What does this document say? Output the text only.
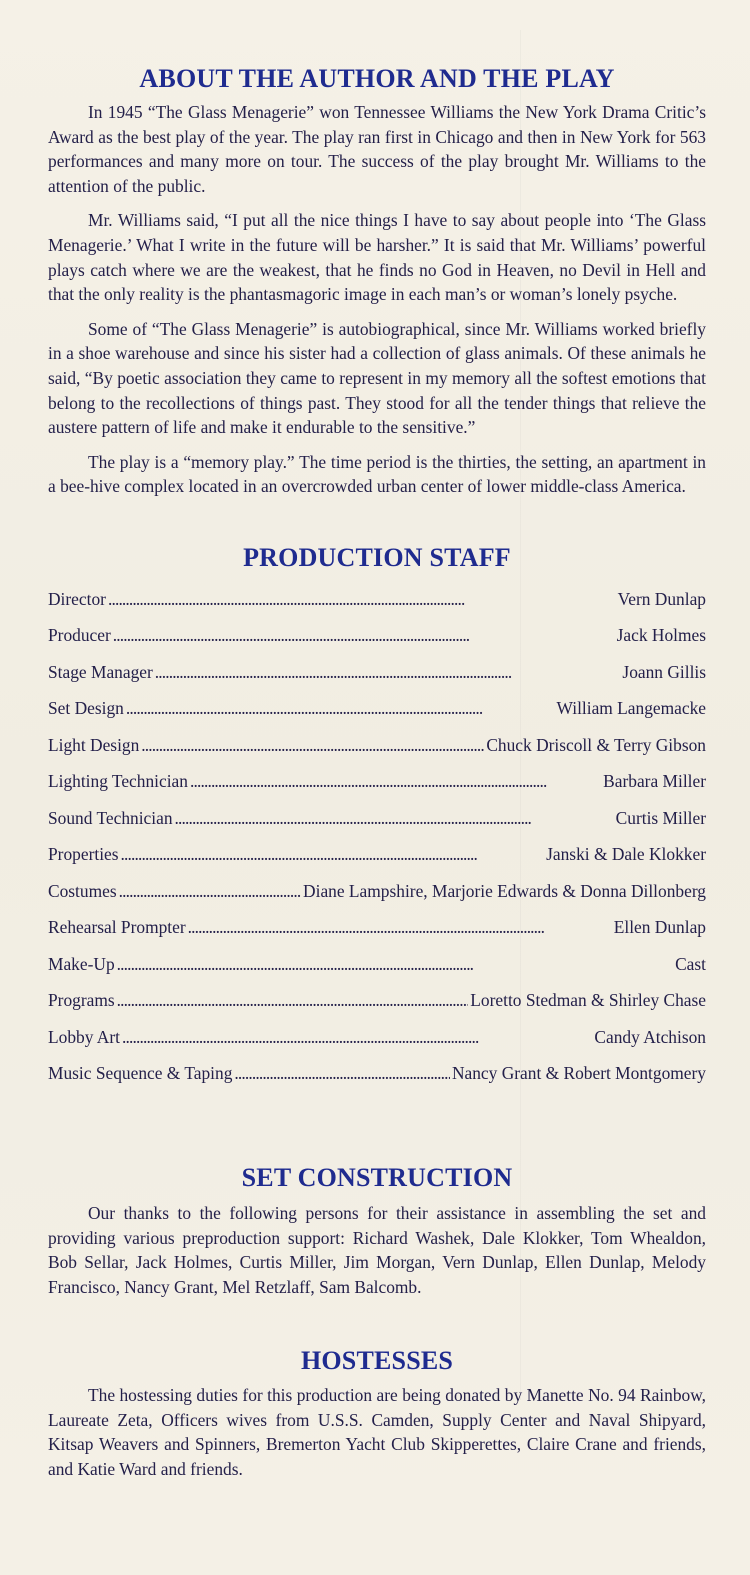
ABOUT THE AUTHOR AND THE PLAY

In 1945 “The Glass Menagerie” won Tennessee Williams the New York Drama Critic’s Award as the best play of the year. The play ran first in Chicago and then in New York for 563 performances and many more on tour. The success of the play brought Mr. Williams to the attention of the public.

Mr. Williams said, “I put all the nice things I have to say about people into ‘The Glass Menagerie.’ What I write in the future will be harsher.” It is said that Mr. Williams’ powerful plays catch where we are the weakest, that he finds no God in Heaven, no Devil in Hell and that the only reality is the phantasmagoric image in each man’s or woman’s lonely psyche.

Some of “The Glass Menagerie” is autobiographical, since Mr. Williams worked briefly in a shoe warehouse and since his sister had a collection of glass animals. Of these animals he said, “By poetic association they came to represent in my memory all the softest emotions that belong to the recollections of things past. They stood for all the tender things that relieve the austere pattern of life and make it endurable to the sensitive.”

The play is a “memory play.” The time period is the thirties, the setting, an apartment in a bee-hive complex located in an overcrowded urban center of lower middle-class America.

PRODUCTION STAFF
Director . . .	Vern Dunlap
Producer . . .	Jack Holmes
Stage Manager . . .	Joann Gillis
Set Design . . .	William Langemacke
Light Design . . .	Chuck Driscoll & Terry Gibson
Lighting Technician . . .	Barbara Miller
Sound Technician . . .	Curtis Miller
Properties . . .	Janski & Dale Klokker
Costumes . . .	Diane Lampshire, Marjorie Edwards & Donna Dillonberg
Rehearsal Prompter . . .	Ellen Dunlap
Make-Up . . .	Cast
Programs . . .	Loretto Stedman & Shirley Chase
Lobby Art . . .	Candy Atchison
Music Sequence & Taping . . .	Nancy Grant & Robert Montgomery
SET CONSTRUCTION

Our thanks to the following persons for their assistance in assembling the set and providing various preproduction support: Richard Washek, Dale Klokker, Tom Whealdon, Bob Sellar, Jack Holmes, Curtis Miller, Jim Morgan, Vern Dunlap, Ellen Dunlap, Melody Francisco, Nancy Grant, Mel Retzlaff, Sam Balcomb.

HOSTESSES

The hostessing duties for this production are being donated by Manette No. 94 Rainbow, Laureate Zeta, Officers wives from U.S.S. Camden, Supply Center and Naval Shipyard, Kitsap Weavers and Spinners, Bremerton Yacht Club Skipperettes, Claire Crane and friends, and Katie Ward and friends.
